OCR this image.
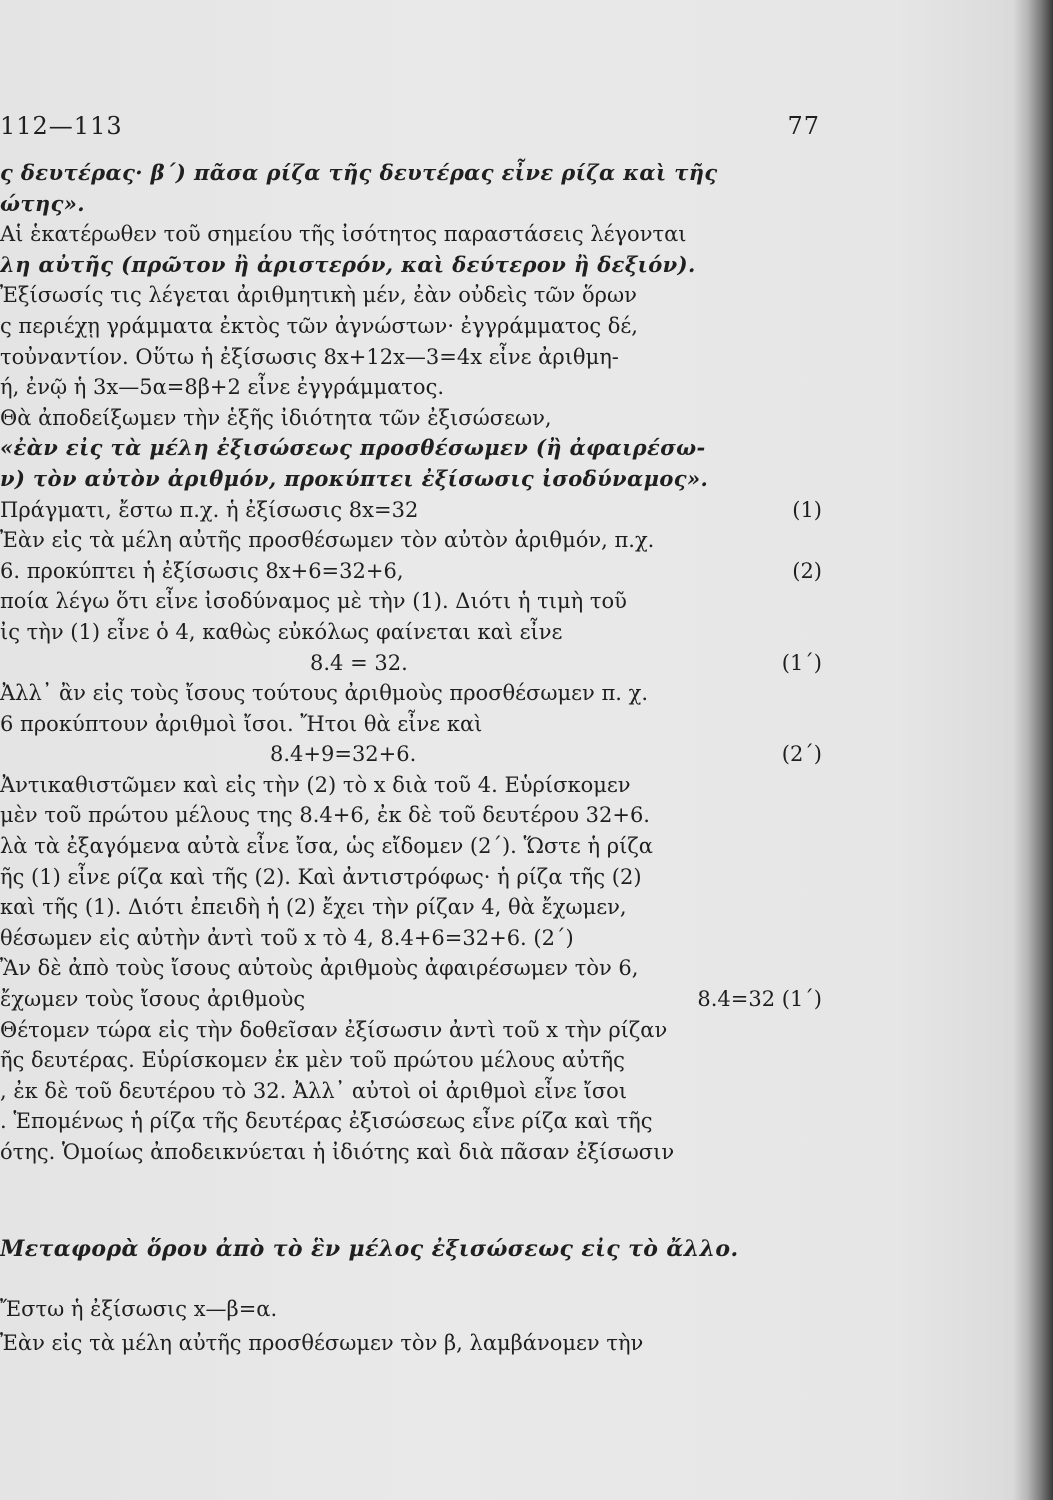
112—113	77
ς δευτέρας· β΄) πᾶσα ρίζα τῆς δευτέρας εἶνε ρίζα καὶ τῆς
ώτης».
Αἱ ἑκατέρωθεν τοῦ σημείου τῆς ἰσότητος παραστάσεις λέγονται
λη αὐτῆς (πρῶτον ἢ ἀριστερόν, καὶ δεύτερον ἢ δεξιόν).
Ἐξίσωσίς τις λέγεται ἀριθμητικὴ μέν, ἐὰν οὐδεὶς τῶν ὅρων
ς περιέχῃ γράμματα ἐκτὸς τῶν ἀγνώστων· ἐγγράμματος δέ,
τοὐναντίον. Οὕτω ἡ ἐξίσωσις 8x+12x—3=4x εἶνε ἀριθμη-
ή, ἐνῷ ἡ 3x—5α=8β+2 εἶνε ἐγγράμματος.
Θὰ ἀποδείξωμεν τὴν ἑξῆς ἰδιότητα τῶν ἐξισώσεων,
«ἐὰν εἰς τὰ μέλη ἐξισώσεως προσθέσωμεν (ἢ ἀφαιρέσω-
ν) τὸν αὐτὸν ἀριθμόν, προκύπτει ἐξίσωσις ἰσοδύναμος».
Πράγματι, ἔστω π.χ. ἡ ἐξίσωσις 8x=32	(1)
Ἐὰν εἰς τὰ μέλη αὐτῆς προσθέσωμεν τὸν αὐτὸν ἀριθμόν, π.χ.
6. προκύπτει ἡ ἐξίσωσις 8x+6=32+6,	(2)
ποία λέγω ὅτι εἶνε ἰσοδύναμος μὲ τὴν (1). Διότι ἡ τιμὴ τοῦ
ἰς τὴν (1) εἶνε ὁ 4, καθὼς εὐκόλως φαίνεται καὶ εἶνε
8.4 = 32.	(1΄)
Ἀλλ᾽ ἂν εἰς τοὺς ἴσους τούτους ἀριθμοὺς προσθέσωμεν π. χ.
6 προκύπτουν ἀριθμοὶ ἴσοι. Ἤτοι θὰ εἶνε καὶ
8.4+9=32+6.	(2΄)
Ἀντικαθιστῶμεν καὶ εἰς τὴν (2) τὸ x διὰ τοῦ 4. Εὑρίσκομεν
μὲν τοῦ πρώτου μέλους της 8.4+6, ἐκ δὲ τοῦ δευτέρου 32+6.
λὰ τὰ ἐξαγόμενα αὐτὰ εἶνε ἴσα, ὡς εἴδομεν (2΄). Ὥστε ἡ ρίζα
ῆς (1) εἶνε ρίζα καὶ τῆς (2). Καὶ ἀντιστρόφως· ἡ ρίζα τῆς (2)
καὶ τῆς (1). Διότι ἐπειδὴ ἡ (2) ἔχει τὴν ρίζαν 4, θὰ ἔχωμεν,
θέσωμεν εἰς αὐτὴν ἀντὶ τοῦ x τὸ 4, 8.4+6=32+6. (2΄)
Ἂν δὲ ἀπὸ τοὺς ἴσους αὐτοὺς ἀριθμοὺς ἀφαιρέσωμεν τὸν 6,
ἔχωμεν τοὺς ἴσους ἀριθμοὺς	8.4=32 (1΄)
Θέτομεν τώρα εἰς τὴν δοθεῖσαν ἐξίσωσιν ἀντὶ τοῦ x τὴν ρίζαν
ῆς δευτέρας. Εὑρίσκομεν ἐκ μὲν τοῦ πρώτου μέλους αὐτῆς
, ἐκ δὲ τοῦ δευτέρου τὸ 32. Ἀλλ᾽ αὐτοὶ οἱ ἀριθμοὶ εἶνε ἴσοι
. Ἑπομένως ἡ ρίζα τῆς δευτέρας ἐξισώσεως εἶνε ρίζα καὶ τῆς
ότης. Ὁμοίως ἀποδεικνύεται ἡ ἰδιότης καὶ διὰ πᾶσαν ἐξίσωσιν
Μεταφορὰ ὅρου ἀπὸ τὸ ἓν μέλος ἐξισώσεως εἰς τὸ ἄλλο.
Ἔστω ἡ ἐξίσωσις x—β=α.
Ἐὰν εἰς τὰ μέλη αὐτῆς προσθέσωμεν τὸν β, λαμβάνομεν τὴν
